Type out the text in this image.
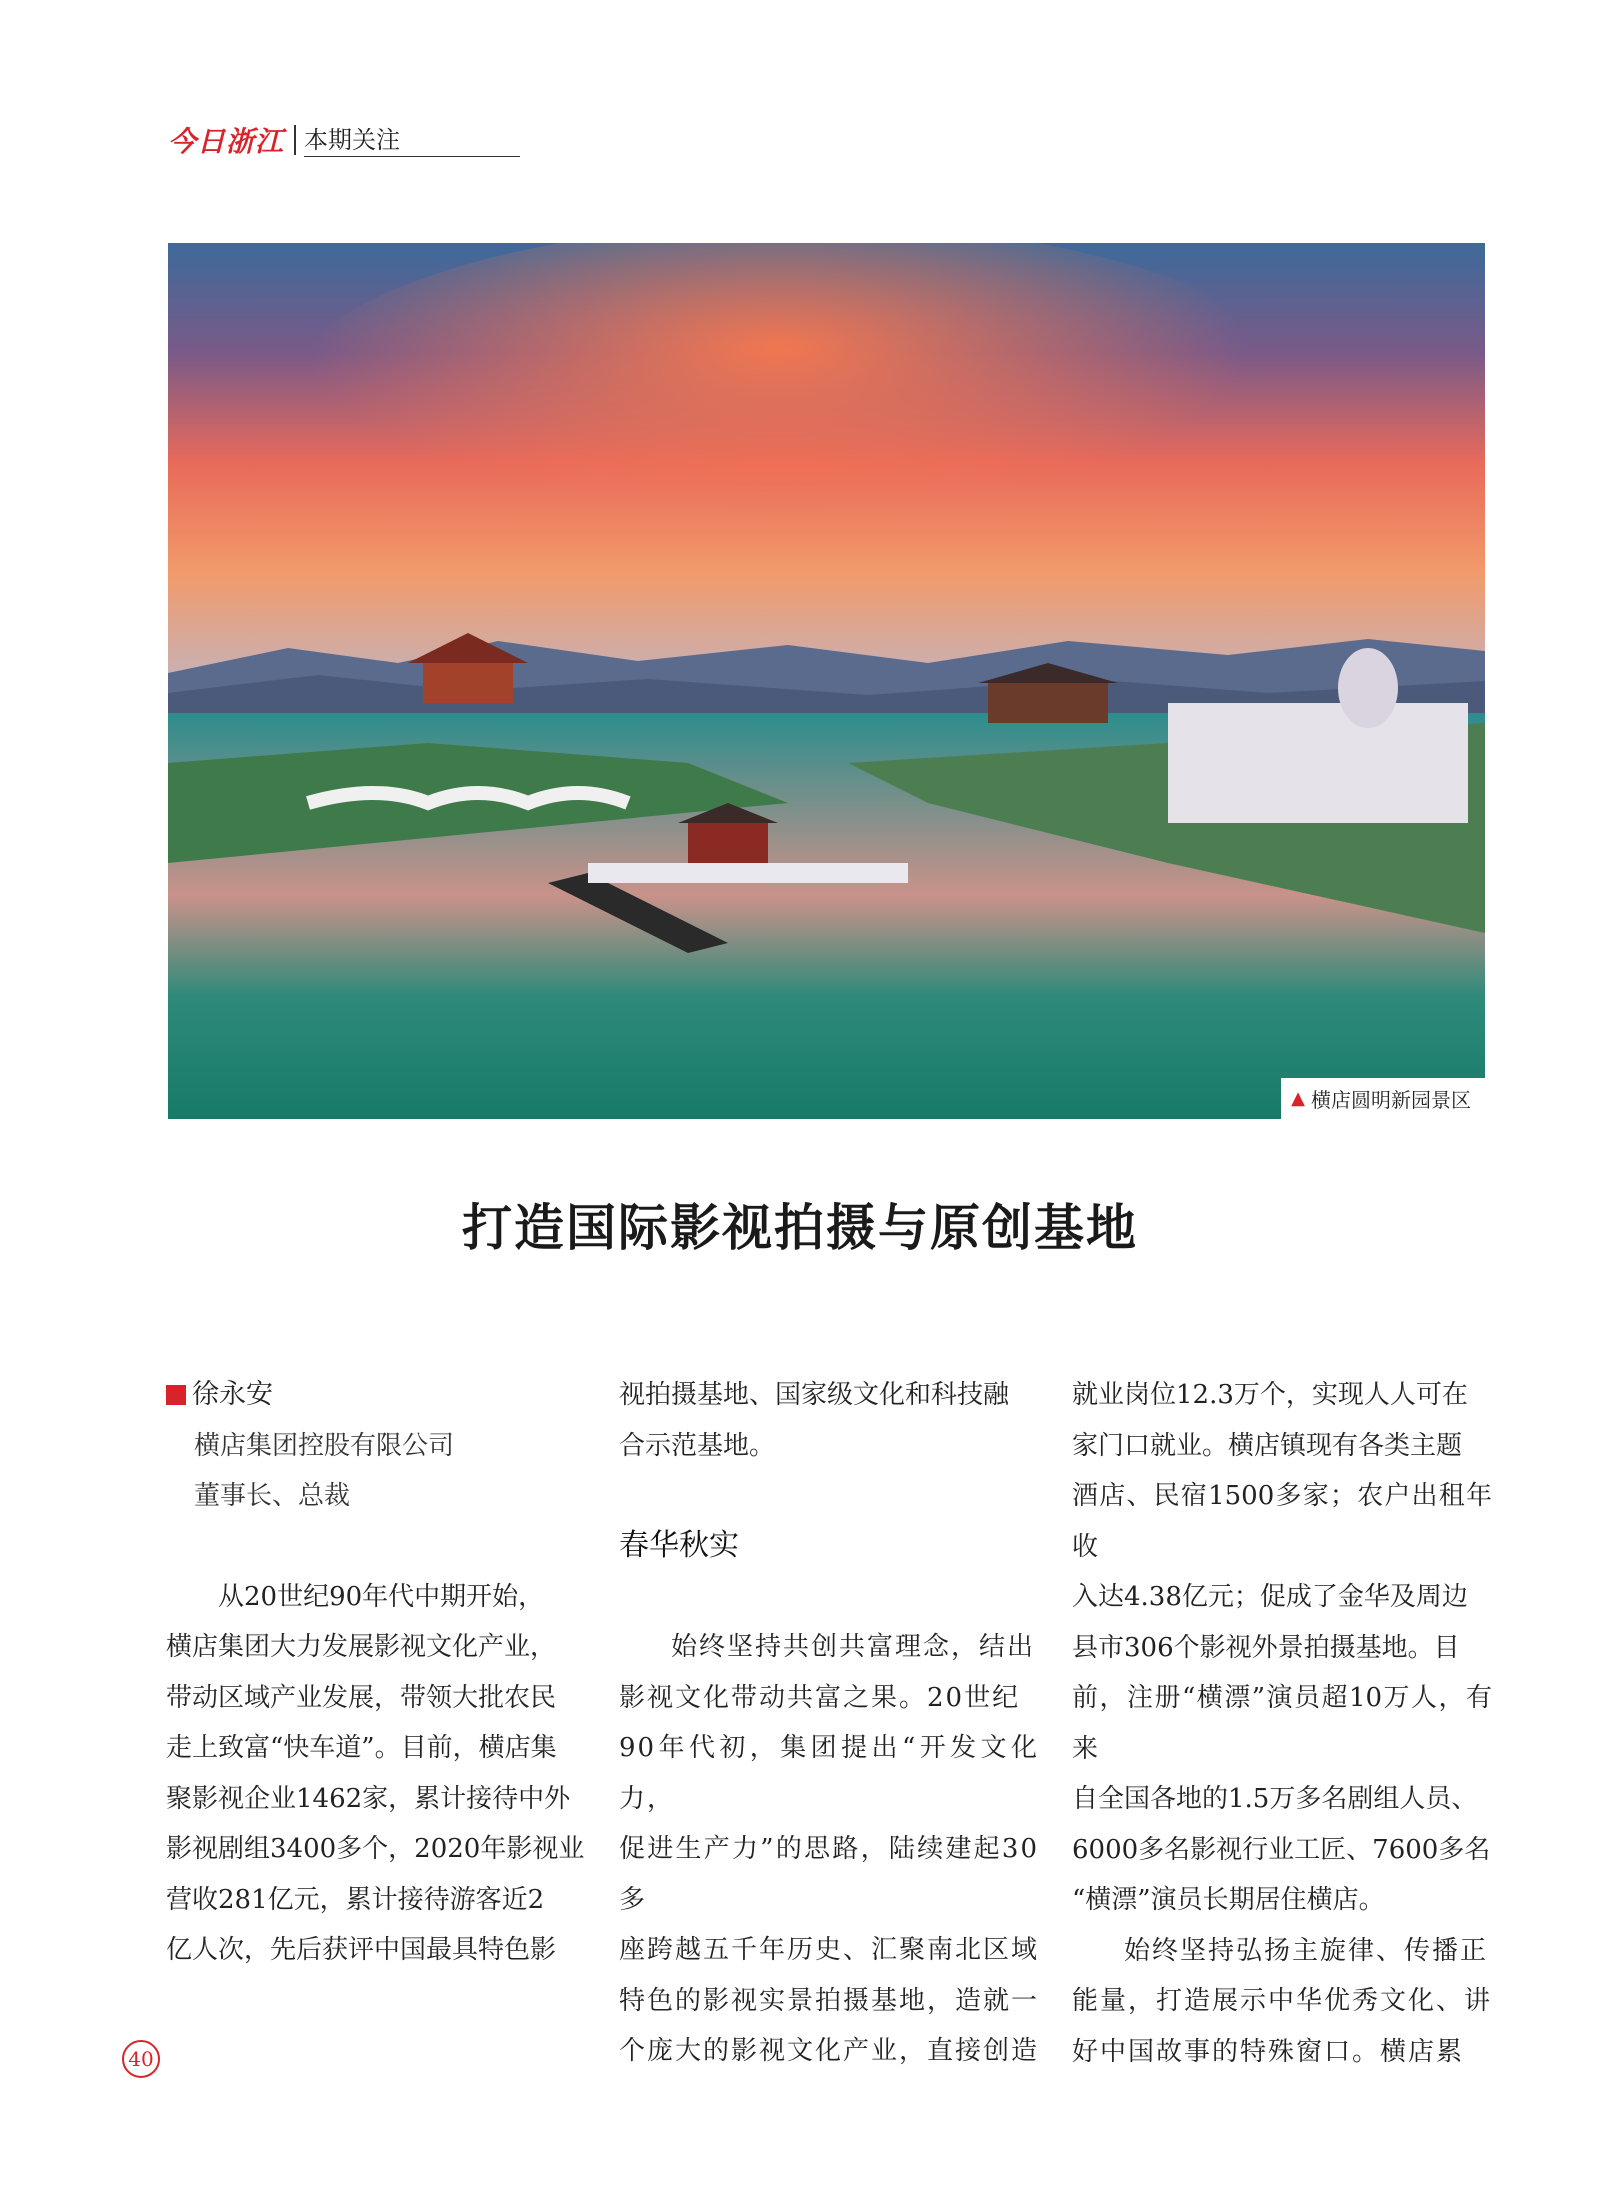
今日浙江 本期关注
▲ 横店圆明新园景区
打造国际影视拍摄与原创基地
徐永安
横店集团控股有限公司
董事长、总裁

从20世纪90年代中期开始，

横店集团大力发展影视文化产业，

带动区域产业发展，带领大批农民

走上致富“快车道”。目前，横店集

聚影视企业1462家，累计接待中外

影视剧组3400多个，2020年影视业

营收281亿元，累计接待游客近2

亿人次，先后获评中国最具特色影

视拍摄基地、国家级文化和科技融

合示范基地。

春华秋实

始终坚持共创共富理念，结出

影视文化带动共富之果。20世纪

90年代初，集团提出“开发文化力，

促进生产力”的思路，陆续建起30多

座跨越五千年历史、汇聚南北区域

特色的影视实景拍摄基地，造就一

个庞大的影视文化产业，直接创造

就业岗位12.3万个，实现人人可在

家门口就业。横店镇现有各类主题

酒店、民宿1500多家；农户出租年收

入达4.38亿元；促成了金华及周边

县市306个影视外景拍摄基地。目

前，注册“横漂”演员超10万人，有来

自全国各地的1.5万多名剧组人员、

6000多名影视行业工匠、7600多名

“横漂”演员长期居住横店。

始终坚持弘扬主旋律、传播正

能量，打造展示中华优秀文化、讲

好中国故事的特殊窗口。横店累

40
